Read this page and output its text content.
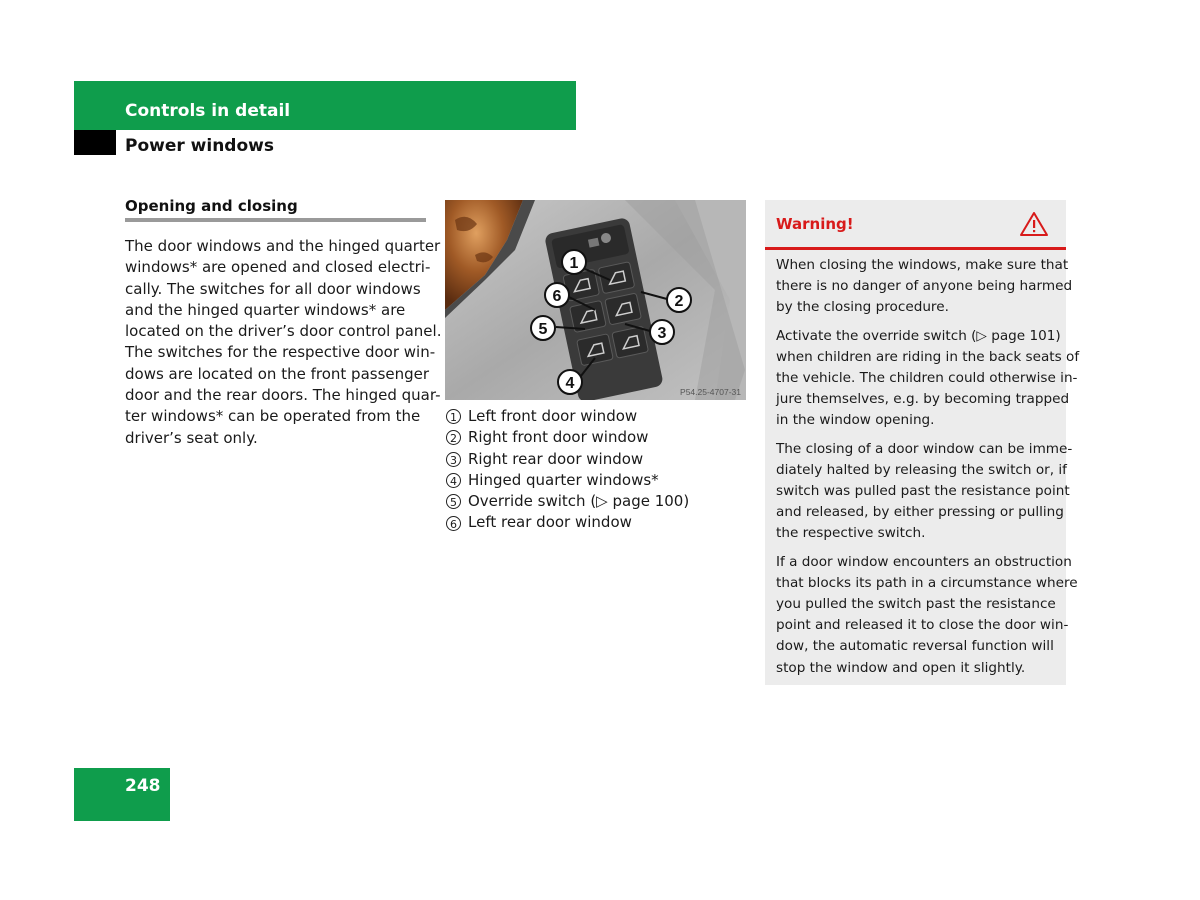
Controls in detail
Power windows
Opening and closing
The door windows and the hinged quarter
windows* are opened and closed electri-
cally. The switches for all door windows
and the hinged quarter windows* are
located on the driver’s door control panel.
The switches for the respective door win-
dows are located on the front passenger
door and the rear doors. The hinged quar-
ter windows* can be operated from the
driver’s seat only.
1
2
3
4
5
6
P54.25-4707-31
1 Left front door window
2 Right front door window
3 Right rear door window
4 Hinged quarter windows*
5 Override switch (▷ page 100)
6 Left rear door window
Warning!
When closing the windows, make sure that
there is no danger of anyone being harmed
by the closing procedure.
Activate the override switch (▷ page 101)
when children are riding in the back seats of
the vehicle. The children could otherwise in-
jure themselves, e.g. by becoming trapped
in the window opening.
The closing of a door window can be imme-
diately halted by releasing the switch or, if
switch was pulled past the resistance point
and released, by either pressing or pulling
the respective switch.
If a door window encounters an obstruction
that blocks its path in a circumstance where
you pulled the switch past the resistance
point and released it to close the door win-
dow, the automatic reversal function will
stop the window and open it slightly.
248
